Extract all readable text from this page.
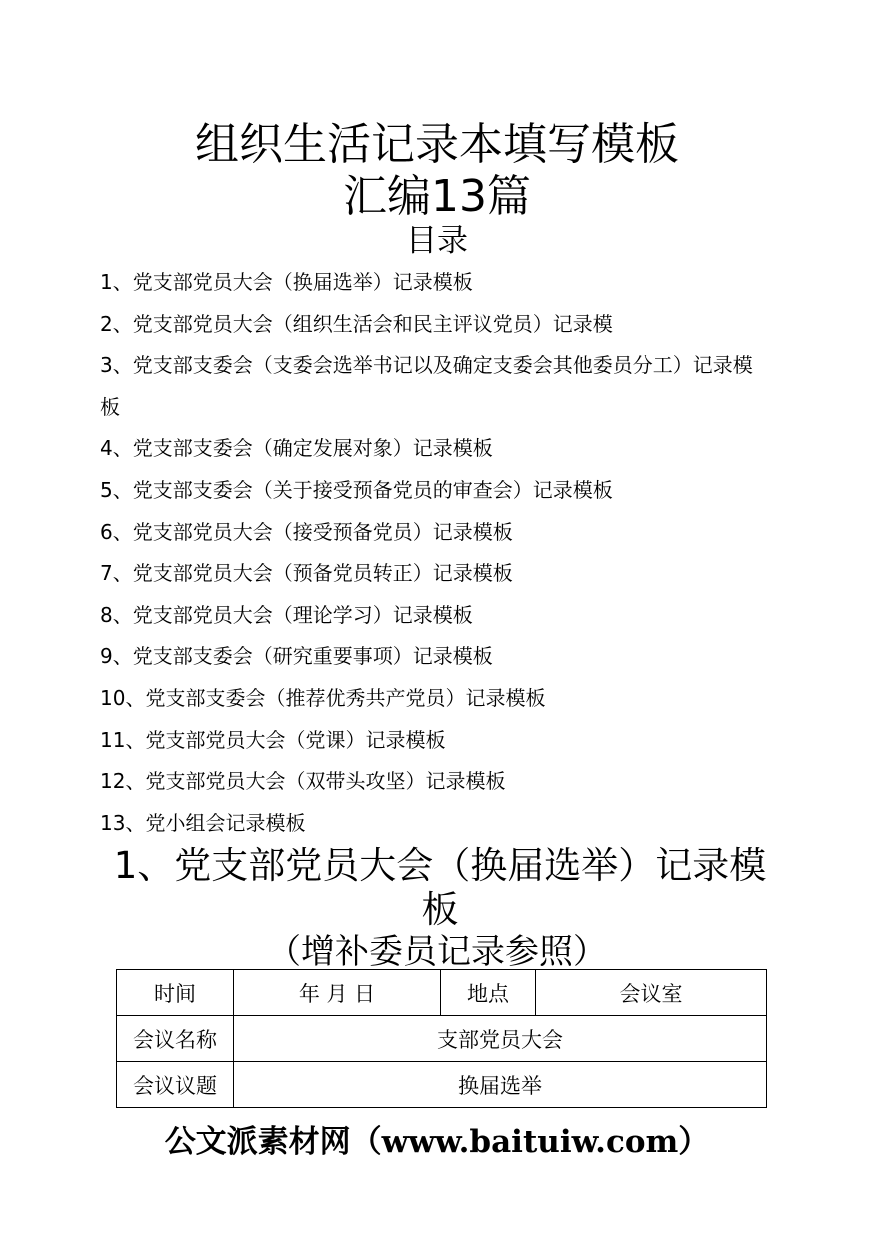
组织生活记录本填写模板
汇编13篇
目录
1、党支部党员大会（换届选举）记录模板
2、党支部党员大会（组织生活会和民主评议党员）记录模
3、党支部支委会（支委会选举书记以及确定支委会其他委员分工）记录模板
4、党支部支委会（确定发展对象）记录模板
5、党支部支委会（关于接受预备党员的审查会）记录模板
6、党支部党员大会（接受预备党员）记录模板
7、党支部党员大会（预备党员转正）记录模板
8、党支部党员大会（理论学习）记录模板
9、党支部支委会（研究重要事项）记录模板
10、党支部支委会（推荐优秀共产党员）记录模板
11、党支部党员大会（党课）记录模板
12、党支部党员大会（双带头攻坚）记录模板
13、党小组会记录模板
1、党支部党员大会（换届选举）记录模板
（增补委员记录参照）
时间	年 月 日	地点	会议室
会议名称	支部党员大会		
会议议题	换届选举		
公文派素材网（www.baituiw.com）
